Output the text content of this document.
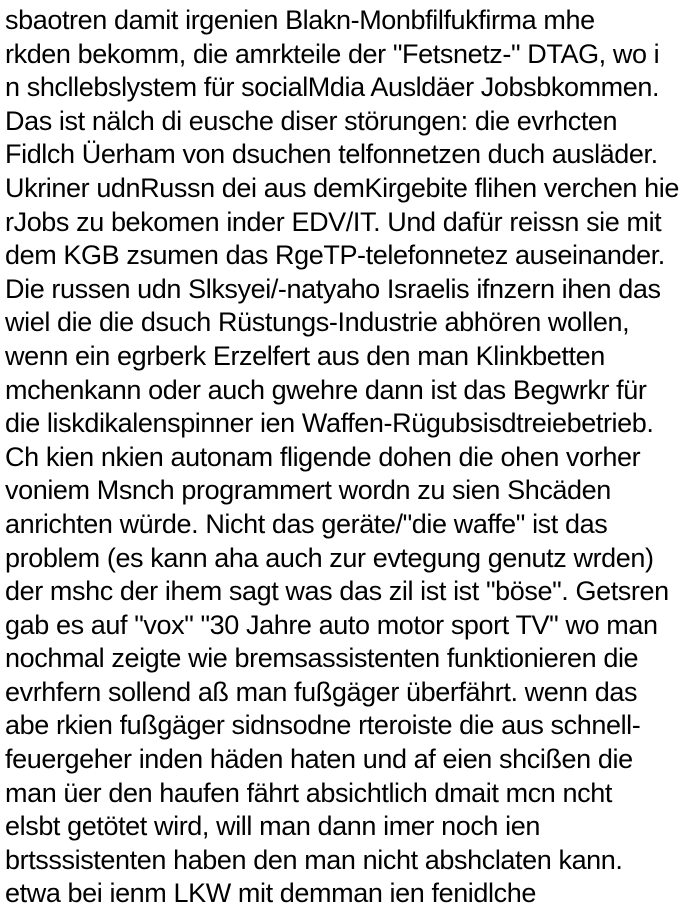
sbaotren damit irgenien Blakn-Monbfilfukfirma mhe
rkden bekomm, die amrkteile der "Fetsnetz-" DTAG, wo i
n shcllebslystem für socialMdia Ausldäer Jobsbkommen.
Das ist nälch di eusche diser störungen: die evrhcten
Fidlch Üerham von dsuchen telfonnetzen duch ausläder.
Ukriner udnRussn dei aus demKirgebite flihen verchen hie
rJobs zu bekomen inder EDV/IT. Und dafür reissn sie mit
dem KGB zsumen das RgeTP-telefonnetez auseinander.
Die russen udn Slksyei/-natyaho Israelis ifnzern ihen das
wiel die die dsuch Rüstungs-Industrie abhören wollen,
wenn ein egrberk Erzelfert aus den man Klinkbetten
mchenkann oder auch gwehre dann ist das Begwrkr für
die liskdikalenspinner ien Waffen-Rügubsisdtreiebetrieb.
Ch kien nkien autonam fligende dohen die ohen vorher
voniem Msnch programmert wordn zu sien Shcäden
anrichten würde. Nicht das geräte/"die waffe" ist das
problem (es kann aha auch zur evtegung genutz wrden)
der mshc der ihem sagt was das zil ist ist "böse". Getsren
gab es auf "vox" "30 Jahre auto motor sport TV" wo man
nochmal zeigte wie bremsassistenten funktionieren die
evrhfern sollend aß man fußgäger überfährt. wenn das
abe rkien fußgäger sidnsodne rteroiste die aus schnell-
feuergeher inden häden haten und af eien shcißen die
man üer den haufen fährt absichtlich dmait mcn ncht
elsbt getötet wird, will man dann imer noch ien
brtsssistenten haben den man nicht abshclaten kann.
etwa bei ienm LKW mit demman ien fenidlche
